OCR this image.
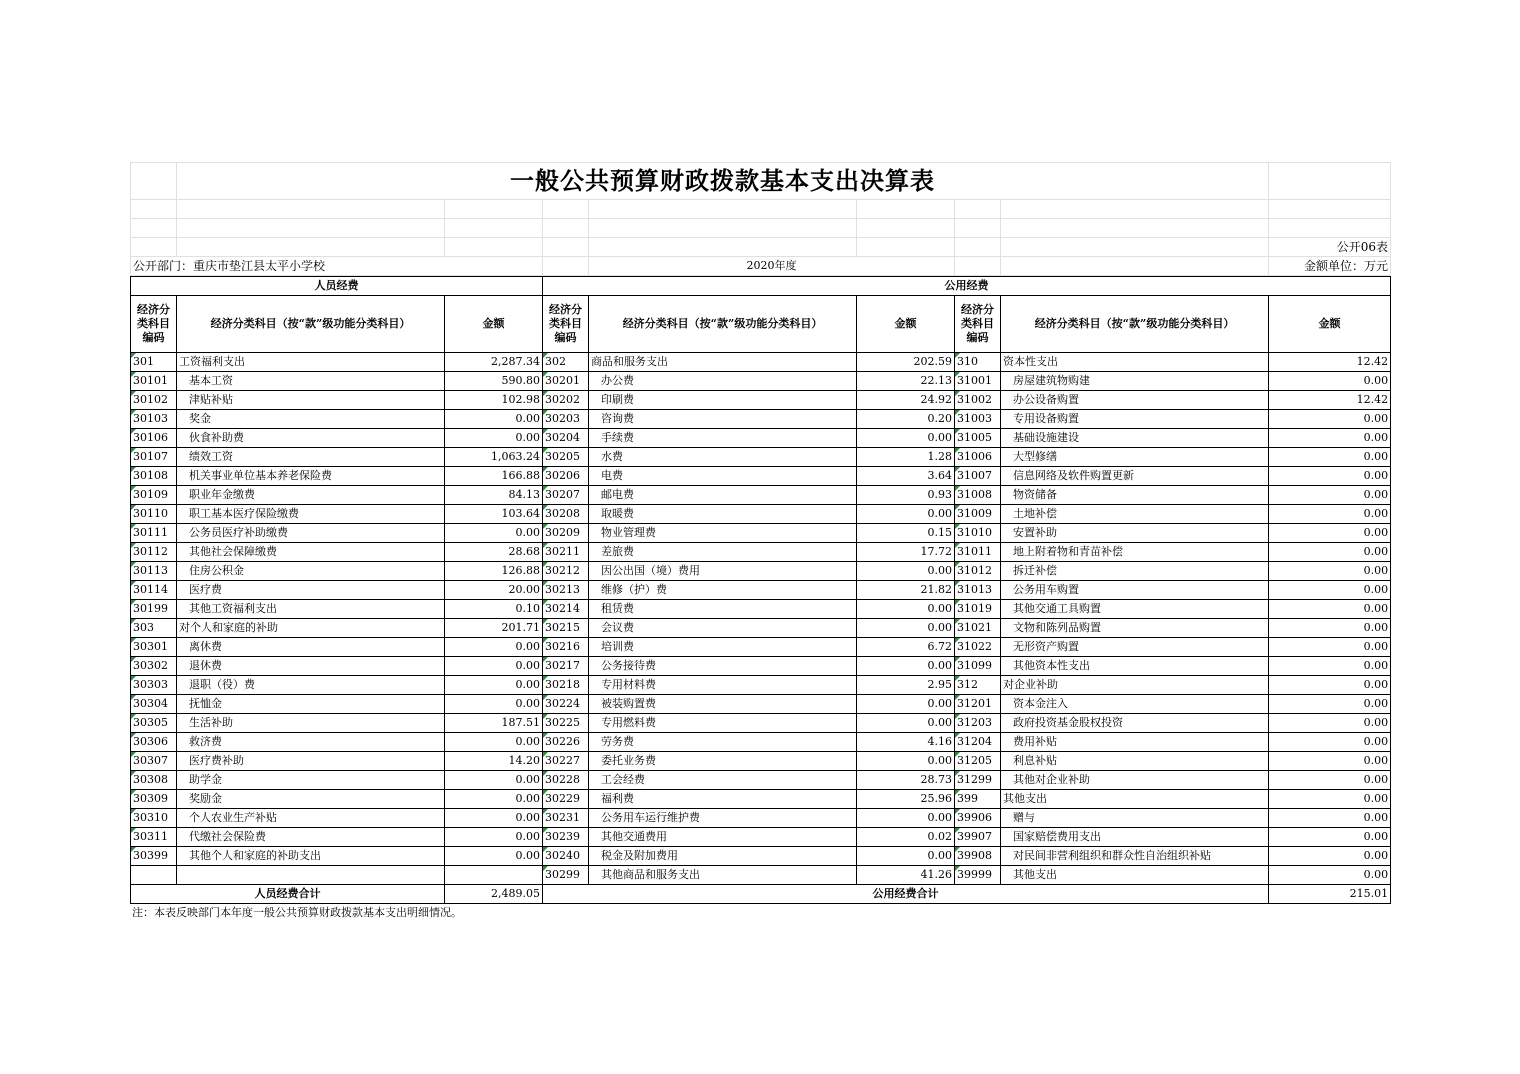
	一般公共预算财政拨款基本支出决算表							

								公开06表
公开部门：重庆市垫江县太平小学校				2020年度				金额单位：万元
人员经费			公用经费					
经济分类科目编码	经济分类科目（按“款”级功能分类科目）	金额	经济分类科目编码	经济分类科目（按“款”级功能分类科目）	金额	经济分类科目编码	经济分类科目（按“款”级功能分类科目）	金额
301	工资福利支出	2,287.34	302	商品和服务支出	202.59	310	资本性支出	12.42
30101	基本工资	590.80	30201	办公费	22.13	31001	房屋建筑物购建	0.00
30102	津贴补贴	102.98	30202	印刷费	24.92	31002	办公设备购置	12.42
30103	奖金	0.00	30203	咨询费	0.20	31003	专用设备购置	0.00
30106	伙食补助费	0.00	30204	手续费	0.00	31005	基础设施建设	0.00
30107	绩效工资	1,063.24	30205	水费	1.28	31006	大型修缮	0.00
30108	机关事业单位基本养老保险费	166.88	30206	电费	3.64	31007	信息网络及软件购置更新	0.00
30109	职业年金缴费	84.13	30207	邮电费	0.93	31008	物资储备	0.00
30110	职工基本医疗保险缴费	103.64	30208	取暖费	0.00	31009	土地补偿	0.00
30111	公务员医疗补助缴费	0.00	30209	物业管理费	0.15	31010	安置补助	0.00
30112	其他社会保障缴费	28.68	30211	差旅费	17.72	31011	地上附着物和青苗补偿	0.00
30113	住房公积金	126.88	30212	因公出国（境）费用	0.00	31012	拆迁补偿	0.00
30114	医疗费	20.00	30213	维修（护）费	21.82	31013	公务用车购置	0.00
30199	其他工资福利支出	0.10	30214	租赁费	0.00	31019	其他交通工具购置	0.00
303	对个人和家庭的补助	201.71	30215	会议费	0.00	31021	文物和陈列品购置	0.00
30301	离休费	0.00	30216	培训费	6.72	31022	无形资产购置	0.00
30302	退休费	0.00	30217	公务接待费	0.00	31099	其他资本性支出	0.00
30303	退职（役）费	0.00	30218	专用材料费	2.95	312	对企业补助	0.00
30304	抚恤金	0.00	30224	被装购置费	0.00	31201	资本金注入	0.00
30305	生活补助	187.51	30225	专用燃料费	0.00	31203	政府投资基金股权投资	0.00
30306	救济费	0.00	30226	劳务费	4.16	31204	费用补贴	0.00
30307	医疗费补助	14.20	30227	委托业务费	0.00	31205	利息补贴	0.00
30308	助学金	0.00	30228	工会经费	28.73	31299	其他对企业补助	0.00
30309	奖励金	0.00	30229	福利费	25.96	399	其他支出	0.00
30310	个人农业生产补贴	0.00	30231	公务用车运行维护费	0.00	39906	赠与	0.00
30311	代缴社会保险费	0.00	30239	其他交通费用	0.02	39907	国家赔偿费用支出	0.00
30399	其他个人和家庭的补助支出	0.00	30240	税金及附加费用	0.00	39908	对民间非营利组织和群众性自治组织补贴	0.00
			30299	其他商品和服务支出	41.26	39999	其他支出	0.00
人员经费合计		2,489.05	公用经费合计					215.01
注：本表反映部门本年度一般公共预算财政拨款基本支出明细情况。
